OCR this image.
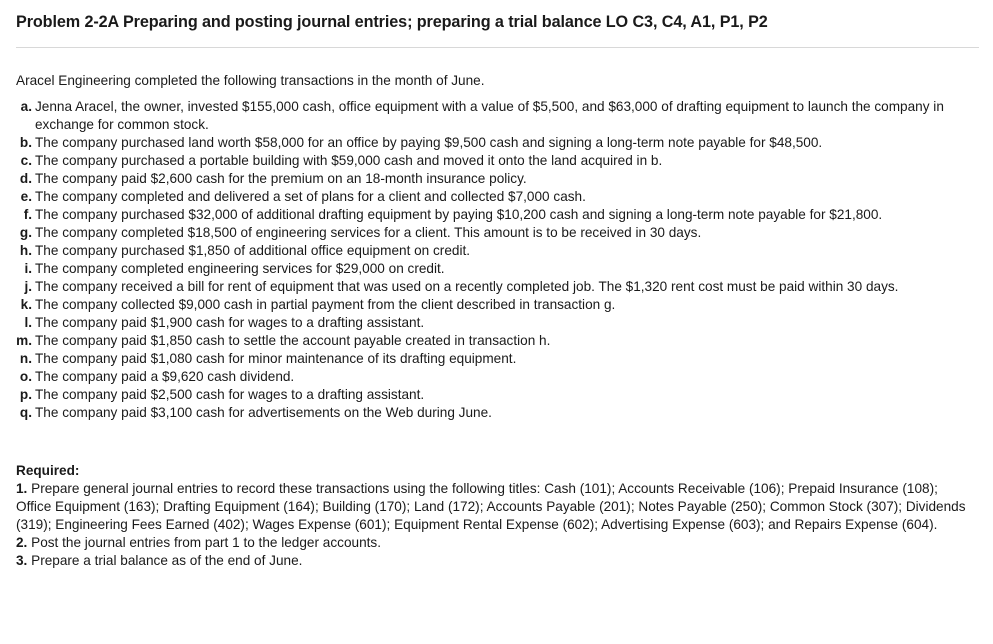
Problem 2-2A Preparing and posting journal entries; preparing a trial balance LO C3, C4, A1, P1, P2

Aracel Engineering completed the following transactions in the month of June.

a. Jenna Aracel, the owner, invested $155,000 cash, office equipment with a value of $5,500, and $63,000 of drafting equipment to launch the company in exchange for common stock.
b. The company purchased land worth $58,000 for an office by paying $9,500 cash and signing a long-term note payable for $48,500.
c. The company purchased a portable building with $59,000 cash and moved it onto the land acquired in b.
d. The company paid $2,600 cash for the premium on an 18-month insurance policy.
e. The company completed and delivered a set of plans for a client and collected $7,000 cash.
f. The company purchased $32,000 of additional drafting equipment by paying $10,200 cash and signing a long-term note payable for $21,800.
g. The company completed $18,500 of engineering services for a client. This amount is to be received in 30 days.
h. The company purchased $1,850 of additional office equipment on credit.
i. The company completed engineering services for $29,000 on credit.
j. The company received a bill for rent of equipment that was used on a recently completed job. The $1,320 rent cost must be paid within 30 days.
k. The company collected $9,000 cash in partial payment from the client described in transaction g.
l. The company paid $1,900 cash for wages to a drafting assistant.
m. The company paid $1,850 cash to settle the account payable created in transaction h.
n. The company paid $1,080 cash for minor maintenance of its drafting equipment.
o. The company paid a $9,620 cash dividend.
p. The company paid $2,500 cash for wages to a drafting assistant.
q. The company paid $3,100 cash for advertisements on the Web during June.

Required:

1. Prepare general journal entries to record these transactions using the following titles: Cash (101); Accounts Receivable (106); Prepaid Insurance (108); Office Equipment (163); Drafting Equipment (164); Building (170); Land (172); Accounts Payable (201); Notes Payable (250); Common Stock (307); Dividends (319); Engineering Fees Earned (402); Wages Expense (601); Equipment Rental Expense (602); Advertising Expense (603); and Repairs Expense (604).

2. Post the journal entries from part 1 to the ledger accounts.

3. Prepare a trial balance as of the end of June.
